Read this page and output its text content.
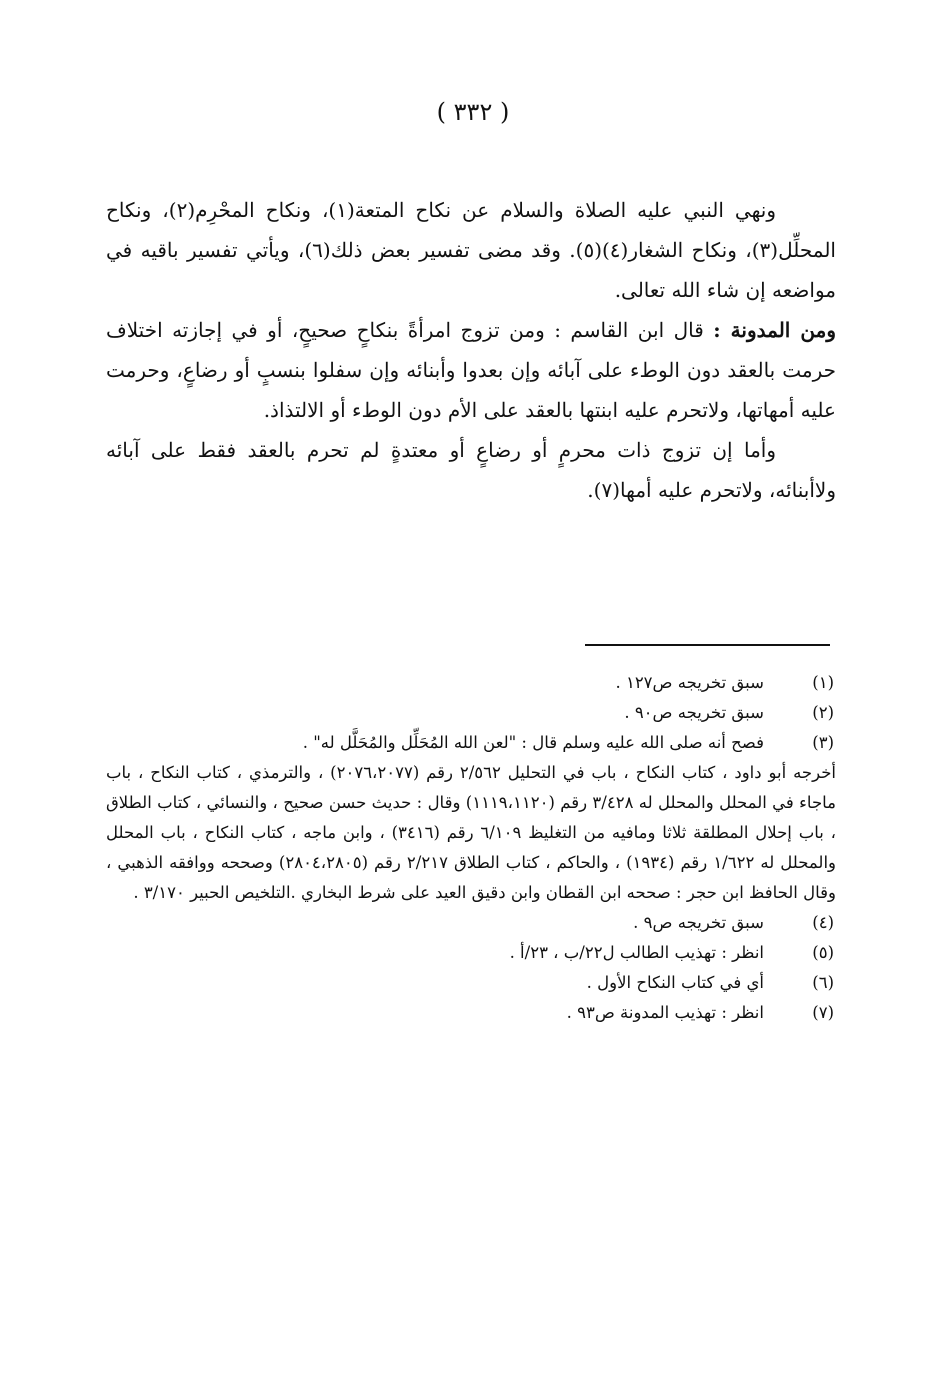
( ٣٣٢ )

ونهي النبي عليه الصلاة والسلام عن نكاح المتعة(١)، ونكاح المحْرِم(٢)، ونكاح المحلِّل(٣)، ونكاح الشغار(٤)(٥). وقد مضى تفسير بعض ذلك(٦)، ويأتي تفسير باقيه في مواضعه إن شاء الله تعالى.

ومن المدونة : قال ابن القاسم : ومن تزوج امرأةً بنكاحٍ صحيحٍ، أو في إجازته اختلاف حرمت بالعقد دون الوطء على آبائه وإن بعدوا وأبنائه وإن سفلوا بنسبٍ أو رضاعٍ، وحرمت عليه أمهاتها، ولاتحرم عليه ابنتها بالعقد على الأم دون الوطء أو الالتذاذ.

وأما إن تزوج ذات محرمٍ أو رضاعٍ أو معتدةٍ لم تحرم بالعقد فقط على آبائه ولاأبنائه، ولاتحرم عليه أمها(٧).

(١)
سبق تخريجه ص١٢٧ .
(٢)
سبق تخريجه ص٩٠ .
(٣)
فصح أنه صلى الله عليه وسلم قال : "لعن الله المُحَلِّل والمُحَلَّل له" .

أخرجه أبو داود ، كتاب النكاح ، باب في التحليل ٢/٥٦٢ رقم (٢٠٧٦،٢٠٧٧) ، والترمذي ، كتاب النكاح ، باب ماجاء في المحلل والمحلل له ٣/٤٢٨ رقم (١١١٩،١١٢٠) وقال : حديث حسن صحيح ، والنسائي ، كتاب الطلاق ، باب إحلال المطلقة ثلاثا ومافيه من التغليظ ٦/١٠٩ رقم (٣٤١٦) ، وابن ماجه ، كتاب النكاح ، باب المحلل والمحلل له ١/٦٢٢ رقم (١٩٣٤) ، والحاكم ، كتاب الطلاق ٢/٢١٧ رقم (٢٨٠٤،٢٨٠٥) وصححه ووافقه الذهبي ، وقال الحافظ ابن حجر : صححه ابن القطان وابن دقيق العيد على شرط البخاري .التلخيص الحبير ٣/١٧٠ .

(٤)
سبق تخريجه ص٩ .
(٥)
انظر : تهذيب الطالب ل٢٢/ب ، ٢٣/أ .
(٦)
أي في كتاب النكاح الأول .
(٧)
انظر : تهذيب المدونة ص٩٣ .
